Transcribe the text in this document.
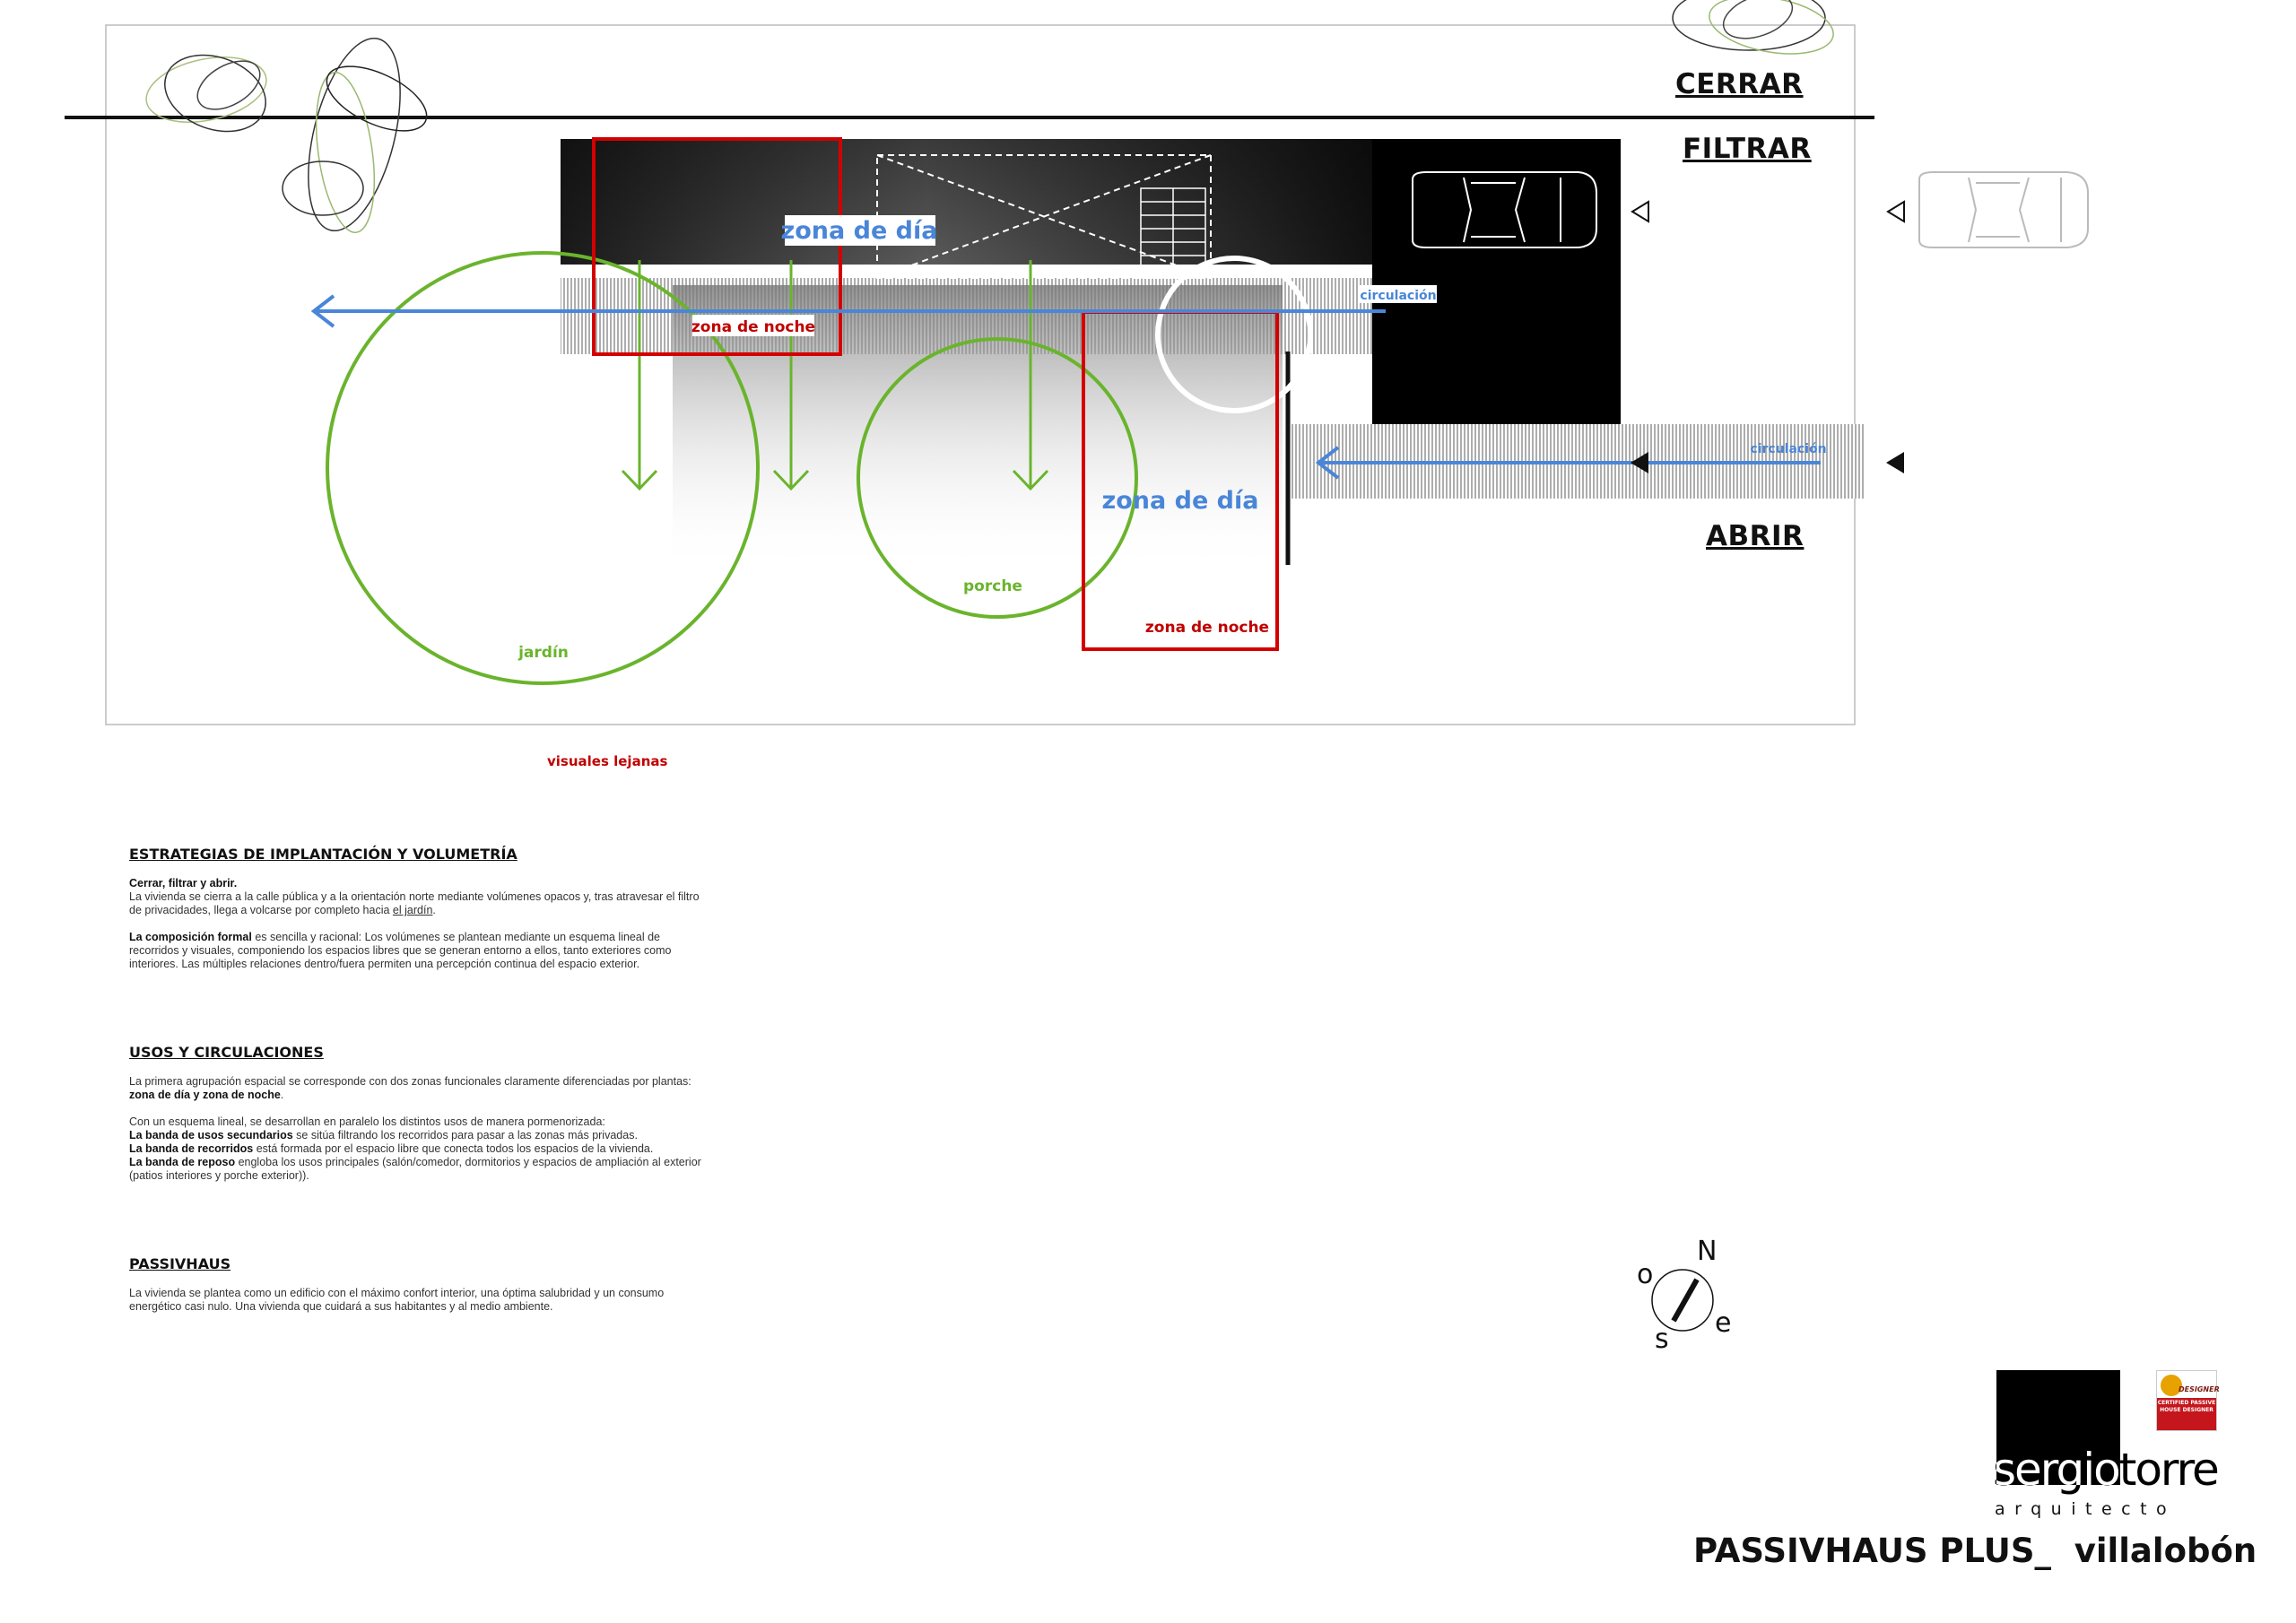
zona de día
zona de noche
circulación
circulación
zona de día
zona de noche
porche
jardín
CERRAR
FILTRAR
ABRIR
visuales lejanas
ESTRATEGIAS DE IMPLANTACIÓN Y VOLUMETRÍA

Cerrar, filtrar y abrir.
La vivienda se cierra a la calle pública y a la orientación norte mediante volúmenes opacos y, tras atravesar el filtro de privacidades, llega a volcarse por completo hacia el jardín.

La composición formal es sencilla y racional: Los volúmenes se plantean mediante un esquema lineal de recorridos y visuales, componiendo los espacios libres que se generan entorno a ellos, tanto exteriores como interiores. Las múltiples relaciones dentro/fuera permiten una percepción continua del espacio exterior.

USOS Y CIRCULACIONES

La primera agrupación espacial se corresponde con dos zonas funcionales claramente diferenciadas por plantas: zona de día y zona de noche.

Con un esquema lineal, se desarrollan en paralelo los distintos usos de manera pormenorizada:
La banda de usos secundarios se sitúa filtrando los recorridos para pasar a las zonas más privadas.
La banda de recorridos está formada por el espacio libre que conecta todos los espacios de la vivienda.
La banda de reposo engloba los usos principales (salón/comedor, dormitorios y espacios de ampliación al exterior (patios interiores y porche exterior)).

PASSIVHAUS

La vivienda se plantea como un edificio con el máximo confort interior, una óptima salubridad y un consumo energético casi nulo. Una vivienda que cuidará a sus habitantes y al medio ambiente.

N
o
e
s
sergiotorre
arquitecto
DESIGNER
CERTIFIED PASSIVE HOUSE DESIGNER
PASSIVHAUS PLUS_  villalobón
